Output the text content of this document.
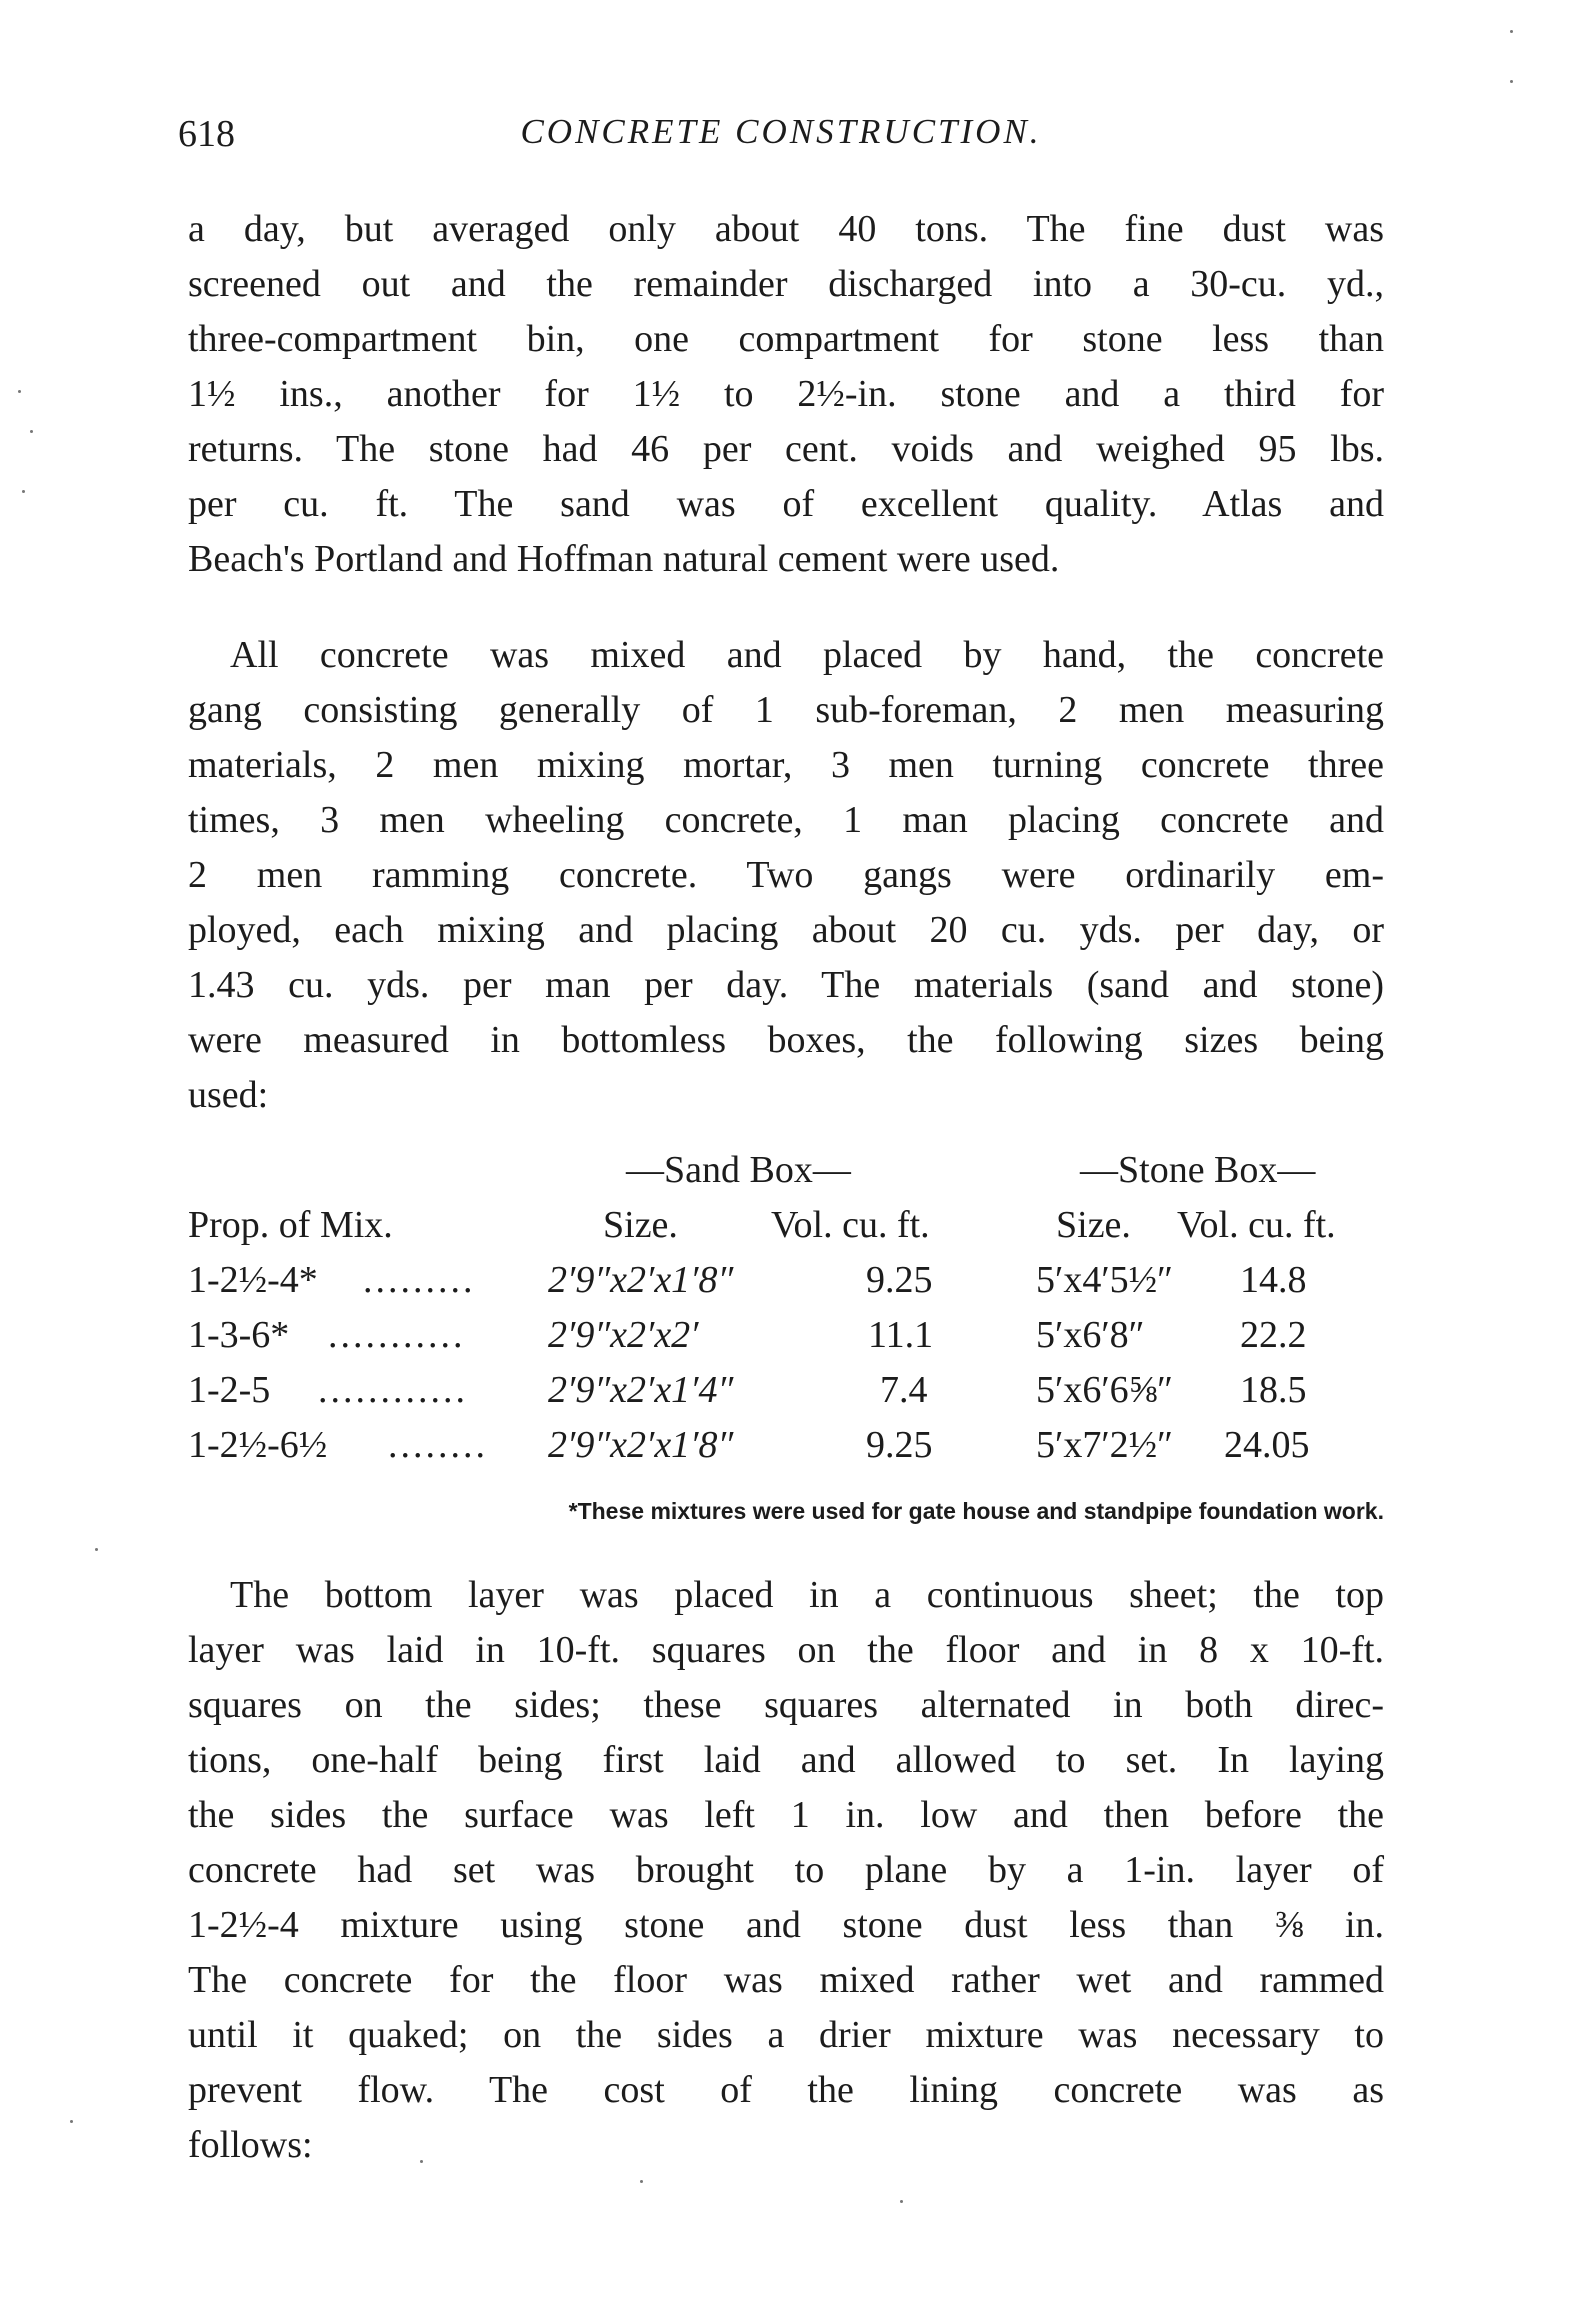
618	CONCRETE CONSTRUCTION.
a day, but averaged only about 40 tons. The fine dust was
screened out and the remainder discharged into a 30-cu. yd.,
three-compartment bin, one compartment for stone less than
1½ ins., another for 1½ to 2½-in. stone and a third for
returns. The stone had 46 per cent. voids and weighed 95 lbs.
per cu. ft. The sand was of excellent quality. Atlas and
Beach's Portland and Hoffman natural cement were used.
All concrete was mixed and placed by hand, the concrete
gang consisting generally of 1 sub-foreman, 2 men measuring
materials, 2 men mixing mortar, 3 men turning concrete three
times, 3 men wheeling concrete, 1 man placing concrete and
2 men ramming concrete. Two gangs were ordinarily em-
ployed, each mixing and placing about 20 cu. yds. per day, or
1.43 cu. yds. per man per day. The materials (sand and stone)
were measured in bottomless boxes, the following sizes being
used:
—Sand Box—	—Stone Box—
Prop. of Mix.	Size. Vol. cu. ft.	Size. Vol. cu. ft.
1-2½-4* ......... 2′9″x2′x1′8″	9.25	5′x4′5½″ 14.8
1-3-6* ........... 2′9″x2′x2′	11.1	5′x6′8″	22.2
1-2-5 ............ 2′9″x2′x1′4″	7.4	5′x6′6⅝″ 18.5
1-2½-6½ ........ 2′9″x2′x1′8″	9.25	5′x7′2½″ 24.05
*These mixtures were used for gate house and standpipe foundation work.
The bottom layer was placed in a continuous sheet; the top
layer was laid in 10-ft. squares on the floor and in 8 x 10-ft.
squares on the sides; these squares alternated in both direc-
tions, one-half being first laid and allowed to set. In laying
the sides the surface was left 1 in. low and then before the
concrete had set was brought to plane by a 1-in. layer of
1-2½-4 mixture using stone and stone dust less than ⅜ in.
The concrete for the floor was mixed rather wet and rammed
until it quaked; on the sides a drier mixture was necessary to
prevent flow. The cost of the lining concrete was as
follows:
